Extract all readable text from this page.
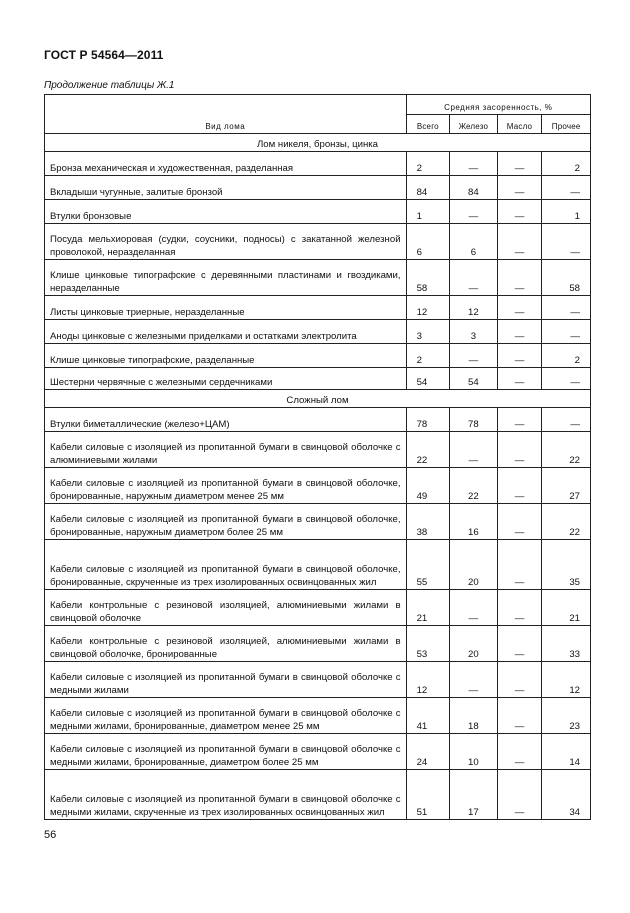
ГОСТ Р 54564—2011
Продолжение таблицы Ж.1
Вид лома	Средняя засоренность, %			
	Всего	Железо	Масло	Прочее
Лом никеля, бронзы, цинка				
Бронза механическая и художественная, разделанная	2	—	—	2
Вкладыши чугунные, залитые бронзой	84	84	—	—
Втулки бронзовые	1	—	—	1
Посуда мельхиоровая (судки, соусники, подносы) с закатанной железной проволокой, неразделанная	6	6	—	—
Клише цинковые типографские с деревянными пластинами и гвоздиками, неразделанные	58	—	—	58
Листы цинковые триерные, неразделанные	12	12	—	—
Аноды цинковые с железными приделками и остатками электролита	3	3	—	—
Клише цинковые типографские, разделанные	2	—	—	2
Шестерни червячные с железными сердечниками	54	54	—	—
Сложный лом				
Втулки биметаллические (железо+ЦАМ)	78	78	—	—
Кабели силовые с изоляцией из пропитанной бумаги в свинцовой оболочке с алюминиевыми жилами	22	—	—	22
Кабели силовые с изоляцией из пропитанной бумаги в свинцовой оболочке, бронированные, наружным диаметром менее 25 мм	49	22	—	27
Кабели силовые с изоляцией из пропитанной бумаги в свинцовой оболочке, бронированные, наружным диаметром более 25 мм	38	16	—	22
Кабели силовые с изоляцией из пропитанной бумаги в свинцовой оболочке, бронированные, скрученные из трех изолированных освинцованных жил	55	20	—	35
Кабели контрольные с резиновой изоляцией, алюминиевыми жилами в свинцовой оболочке	21	—	—	21
Кабели контрольные с резиновой изоляцией, алюминиевыми жилами в свинцовой оболочке, бронированные	53	20	—	33
Кабели силовые с изоляцией из пропитанной бумаги в свинцовой оболочке с медными жилами	12	—	—	12
Кабели силовые с изоляцией из пропитанной бумаги в свинцовой оболочке с медными жилами, бронированные, диаметром менее 25 мм	41	18	—	23
Кабели силовые с изоляцией из пропитанной бумаги в свинцовой оболочке с медными жилами, бронированные, диаметром более 25 мм	24	10	—	14
Кабели силовые с изоляцией из пропитанной бумаги в свинцовой оболочке с медными жилами, скрученные из трех изолированных освинцованных жил	51	17	—	34
56
